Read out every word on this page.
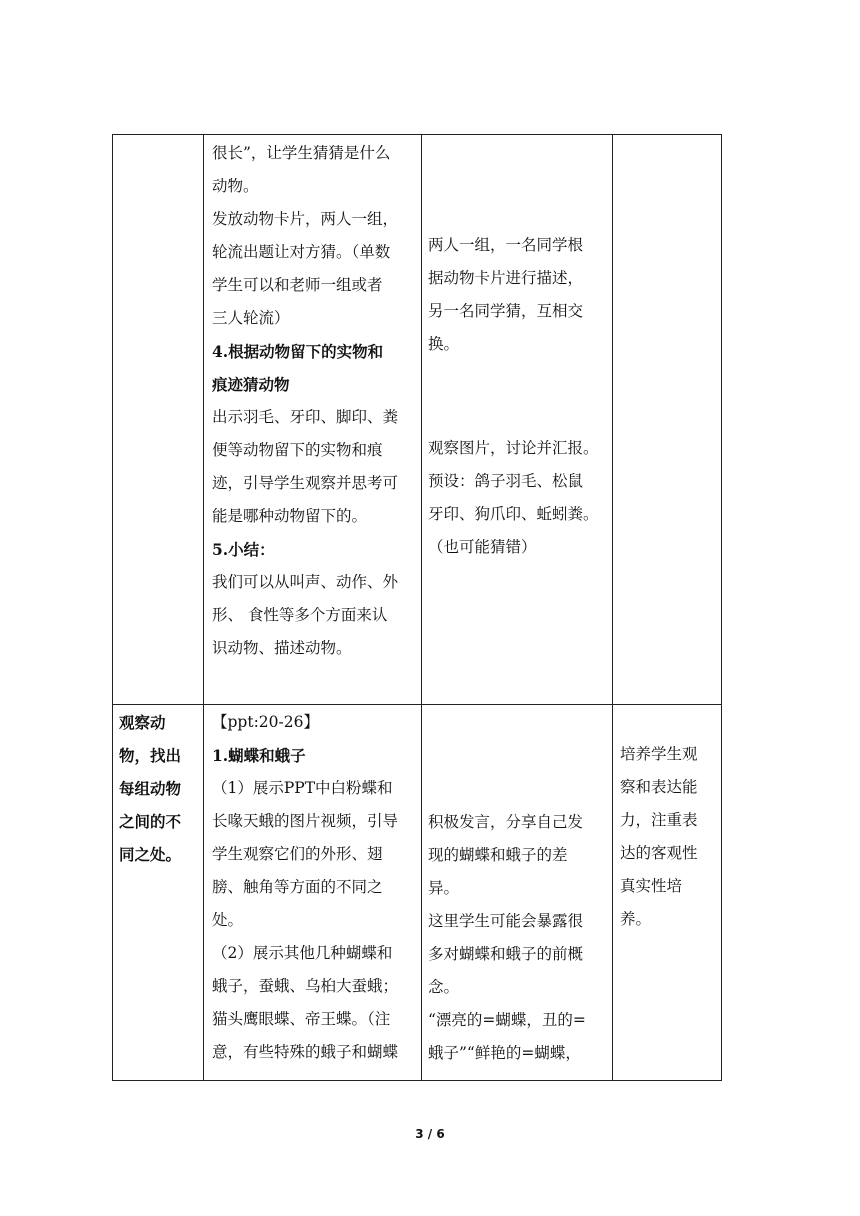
很长”，让学生猜猜是什么

动物。

发放动物卡片，两人一组，

轮流出题让对方猜。（单数

学生可以和老师一组或者

三人轮流）

4.根据动物留下的实物和

痕迹猜动物

出示羽毛、牙印、脚印、粪

便等动物留下的实物和痕

迹，引导学生观察并思考可

能是哪种动物留下的。

5.小结：

我们可以从叫声、动作、外

形、 食性等多个方面来认

识动物、描述动物。

两人一组，一名同学根

据动物卡片进行描述，

另一名同学猜，互相交

换。

观察图片，讨论并汇报。

预设：鸽子羽毛、松鼠

牙印、狗爪印、蚯蚓粪。

（也可能猜错）

观察动

物，找出

每组动物

之间的不

同之处。

【ppt:20-26】

1.蝴蝶和蛾子

（1）展示PPT中白粉蝶和

长喙天蛾的图片视频，引导

学生观察它们的外形、翅

膀、触角等方面的不同之

处。

（2）展示其他几种蝴蝶和

蛾子，蚕蛾、乌桕大蚕蛾；

猫头鹰眼蝶、帝王蝶。（注

意，有些特殊的蛾子和蝴蝶

积极发言，分享自己发

现的蝴蝶和蛾子的差

异。

这里学生可能会暴露很

多对蝴蝶和蛾子的前概

念。

“漂亮的=蝴蝶，丑的=

蛾子”“鲜艳的=蝴蝶，

培养学生观

察和表达能

力，注重表

达的客观性

真实性培

养。

3 / 6
